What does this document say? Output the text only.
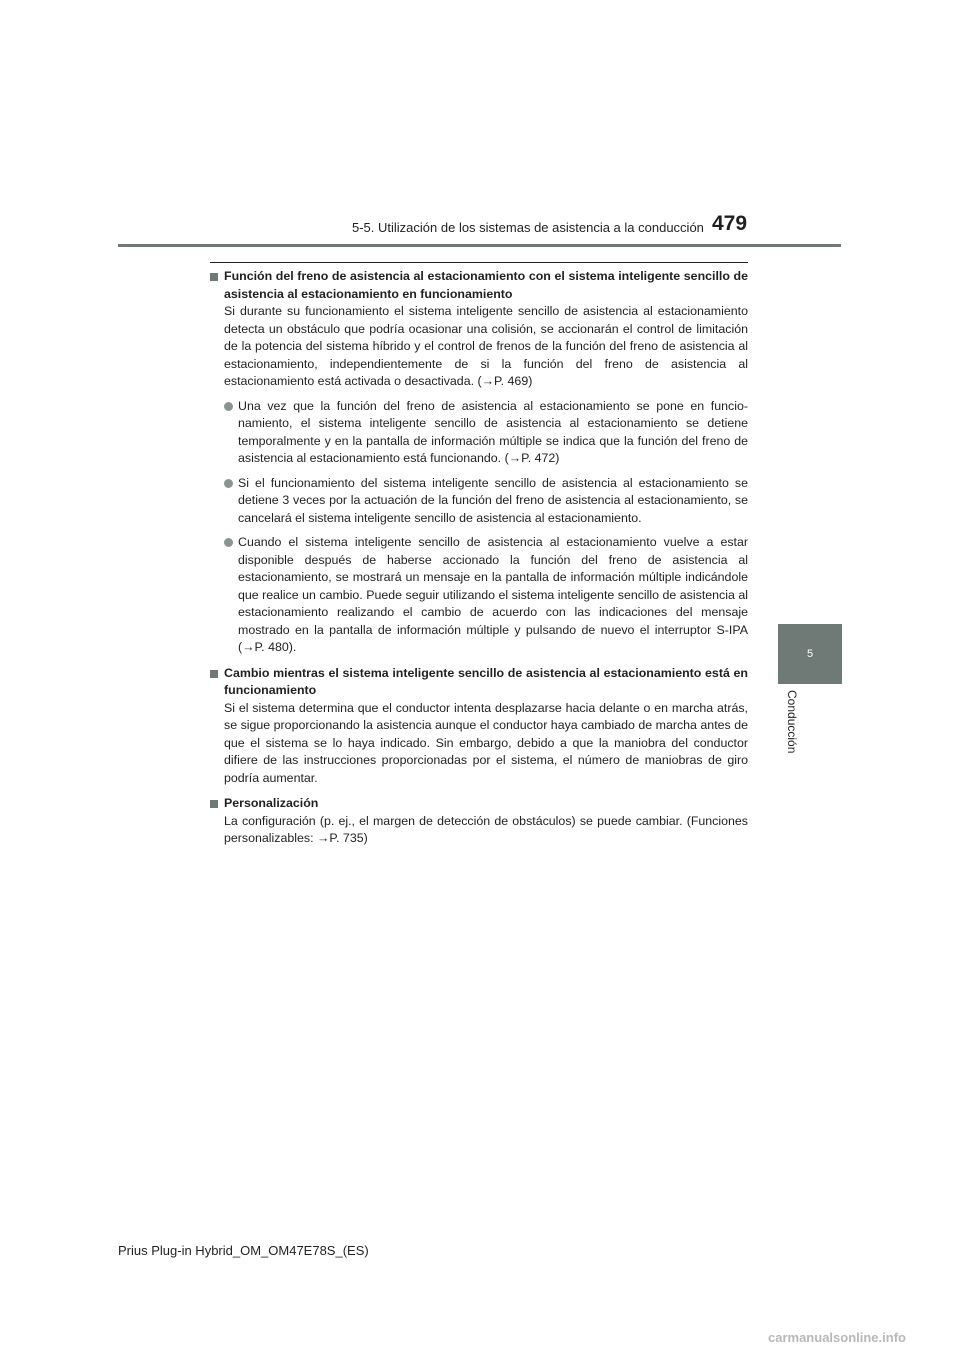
5-5. Utilización de los sistemas de asistencia a la conducción 479
5
Conducción
Función del freno de asistencia al estacionamiento con el sistema inteligente sencillo de asistencia al estacionamiento en funcionamiento
Si durante su funcionamiento el sistema inteligente sencillo de asistencia al estacionamiento detecta un obstáculo que podría ocasionar una colisión, se accionarán el control de limitación de la potencia del sistema híbrido y el control de frenos de la función del freno de asistencia al estacionamiento, independientemente de si la función del freno de asistencia al estacionamiento está activada o desactivada. (→P. 469)
Una vez que la función del freno de asistencia al estacionamiento se pone en funcionamiento, el sistema inteligente sencillo de asistencia al estacionamiento se detiene temporalmente y en la pantalla de información múltiple se indica que la función del freno de asistencia al estacionamiento está funcionando. (→P. 472)
Si el funcionamiento del sistema inteligente sencillo de asistencia al estacionamiento se detiene 3 veces por la actuación de la función del freno de asistencia al estacionamiento, se cancelará el sistema inteligente sencillo de asistencia al estacionamiento.
Cuando el sistema inteligente sencillo de asistencia al estacionamiento vuelve a estar disponible después de haberse accionado la función del freno de asistencia al estacionamiento, se mostrará un mensaje en la pantalla de información múltiple indicándole que realice un cambio. Puede seguir utilizando el sistema inteligente sencillo de asistencia al estacionamiento realizando el cambio de acuerdo con las indicaciones del mensaje mostrado en la pantalla de información múltiple y pulsando de nuevo el interruptor S-IPA (→P. 480).
Cambio mientras el sistema inteligente sencillo de asistencia al estacionamiento está en funcionamiento
Si el sistema determina que el conductor intenta desplazarse hacia delante o en marcha atrás, se sigue proporcionando la asistencia aunque el conductor haya cambiado de marcha antes de que el sistema se lo haya indicado. Sin embargo, debido a que la maniobra del conductor difiere de las instrucciones proporcionadas por el sistema, el número de maniobras de giro podría aumentar.
Personalización
La configuración (p. ej., el margen de detección de obstáculos) se puede cambiar. (Funciones personalizables: →P. 735)
Prius Plug-in Hybrid_OM_OM47E78S_(ES)
carmanualsonline.info
